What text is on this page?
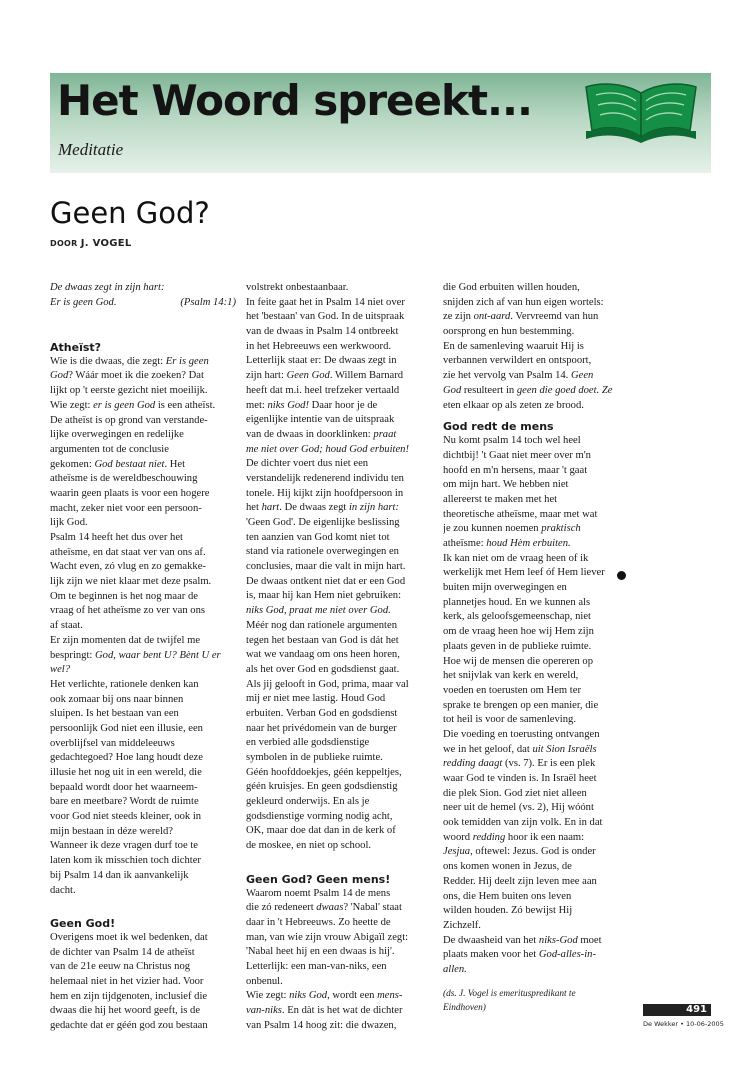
Het Woord spreekt...
Meditatie
Geen God?
DOOR J. VOGEL
De dwaas zegt in zijn hart:
Er is geen God.	(Psalm 14:1)
Atheïst?
Wie is die dwaas, die zegt: Er is geen
God? Wáár moet ik die zoeken? Dat
lijkt op 't eerste gezicht niet moeilijk.
Wie zegt: er is geen God is een atheïst.
De atheïst is op grond van verstande-
lijke overwegingen en redelijke
argumenten tot de conclusie
gekomen: God bestaat niet. Het
atheïsme is de wereldbeschouwing
waarin geen plaats is voor een hogere
macht, zeker niet voor een persoon-
lijk God.
Psalm 14 heeft het dus over het
atheïsme, en dat staat ver van ons af.
Wacht even, zó vlug en zo gemakke-
lijk zijn we niet klaar met deze psalm.
Om te beginnen is het nog maar de
vraag of het atheïsme zo ver van ons
af staat.
Er zijn momenten dat de twijfel me
bespringt: God, waar bent U? Bènt U er
wel?
Het verlichte, rationele denken kan
ook zomaar bij ons naar binnen
sluipen. Is het bestaan van een
persoonlijk God niet een illusie, een
overblijfsel van middeleeuws
gedachtegoed? Hoe lang houdt deze
illusie het nog uit in een wereld, die
bepaald wordt door het waarneem-
bare en meetbare? Wordt de ruimte
voor God niet steeds kleiner, ook in
mijn bestaan in déze wereld?
Wanneer ik deze vragen durf toe te
laten kom ik misschien toch dichter
bij Psalm 14 dan ik aanvankelijk
dacht.
Geen God!
Overigens moet ik wel bedenken, dat
de dichter van Psalm 14 de atheïst
van de 21e eeuw na Christus nog
helemaal niet in het vizier had. Voor
hem en zijn tijdgenoten, inclusief die
dwaas die hij het woord geeft, is de
gedachte dat er géén god zou bestaan
volstrekt onbestaanbaar.
In feite gaat het in Psalm 14 niet over
het 'bestaan' van God. In de uitspraak
van de dwaas in Psalm 14 ontbreekt
in het Hebreeuws een werkwoord.
Letterlijk staat er: De dwaas zegt in
zijn hart: Geen God. Willem Barnard
heeft dat m.i. heel trefzeker vertaald
met: niks God! Daar hoor je de
eigenlijke intentie van de uitspraak
van de dwaas in doorklinken: praat
me niet over God; houd God erbuiten!
De dichter voert dus niet een
verstandelijk redenerend individu ten
tonele. Hij kijkt zijn hoofdpersoon in
het hart. De dwaas zegt in zijn hart:
'Geen God'. De eigenlijke beslissing
ten aanzien van God komt niet tot
stand via rationele overwegingen en
conclusies, maar die valt in mijn hart.
De dwaas ontkent niet dat er een God
is, maar hij kan Hem niet gebruiken:
niks God, praat me niet over God.
Méér nog dan rationele argumenten
tegen het bestaan van God is dát het
wat we vandaag om ons heen horen,
als het over God en godsdienst gaat.
Als jij gelooft in God, prima, maar val
mij er niet mee lastig. Houd God
erbuiten. Verban God en godsdienst
naar het privédomein van de burger
en verbied alle godsdienstige
symbolen in de publieke ruimte.
Géén hoofddoekjes, géén keppeltjes,
géén kruisjes. En geen godsdienstig
gekleurd onderwijs. En als je
godsdienstige vorming nodig acht,
OK, maar doe dat dan in de kerk of
de moskee, en niet op school.
Geen God? Geen mens!
Waarom noemt Psalm 14 de mens
die zó redeneert dwaas? 'Nabal' staat
daar in 't Hebreeuws. Zo heette de
man, van wie zijn vrouw Abigaïl zegt:
'Nabal heet hij en een dwaas is hij'.
Letterlijk: een man-van-niks, een
onbenul.
Wie zegt: niks God, wordt een mens-
van-niks. En dàt is het wat de dichter
van Psalm 14 hoog zit: die dwazen,
die God erbuiten willen houden,
snijden zich af van hun eigen wortels:
ze zijn ont-aard. Vervreemd van hun
oorsprong en hun bestemming.
En de samenleving waaruit Hij is
verbannen verwildert en ontspoort,
zie het vervolg van Psalm 14. Geen
God resulteert in geen die goed doet. Ze
eten elkaar op als zeten ze brood.
God redt de mens
Nu komt psalm 14 toch wel heel
dichtbij! 't Gaat niet meer over m'n
hoofd en m'n hersens, maar 't gaat
om mijn hart. We hebben niet
allereerst te maken met het
theoretische atheïsme, maar met wat
je zou kunnen noemen praktisch
atheïsme: houd Hèm erbuiten.
Ik kan niet om de vraag heen of ik
werkelijk met Hem leef óf Hem liever
buiten mijn overwegingen en
plannetjes houd. En we kunnen als
kerk, als geloofsgemeenschap, niet
om de vraag heen hoe wij Hem zijn
plaats geven in de publieke ruimte.
Hoe wij de mensen die opereren op
het snijvlak van kerk en wereld,
voeden en toerusten om Hem ter
sprake te brengen op een manier, die
tot heil is voor de samenleving.
Die voeding en toerusting ontvangen
we in het geloof, dat uit Sion Israëls
redding daagt (vs. 7). Er is een plek
waar God te vinden is. In Israël heet
die plek Sion. God ziet niet alleen
neer uit de hemel (vs. 2), Hij wóónt
ook temidden van zijn volk. En in dat
woord redding hoor ik een naam:
Jesjua, oftewel: Jezus. God is onder
ons komen wonen in Jezus, de
Redder. Hij deelt zijn leven mee aan
ons, die Hem buiten ons leven
wilden houden. Zó bewijst Hij
Zichzelf.
De dwaasheid van het niks-God moet
plaats maken voor het God-alles-in-
allen.
(ds. J. Vogel is emerituspredikant te
Eindhoven)	491
De Wekker • 10-06-2005
